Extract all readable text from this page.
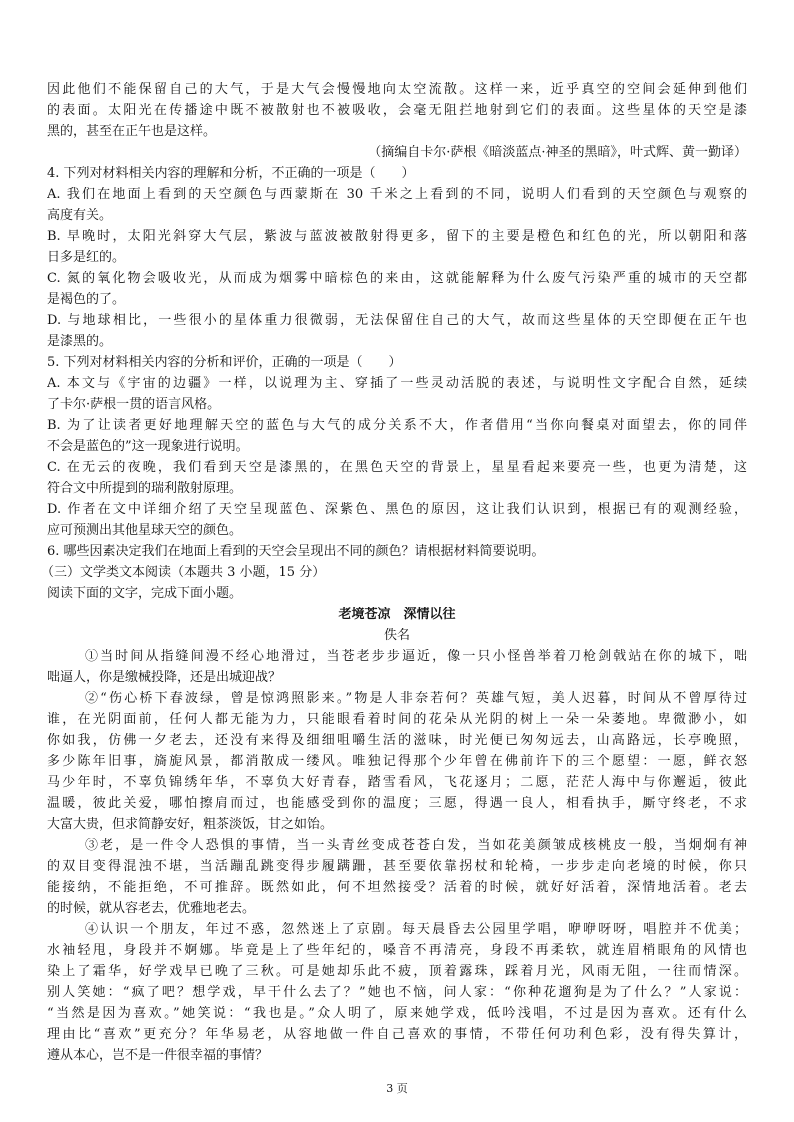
因此他们不能保留自己的大气，于是大气会慢慢地向太空流散。这样一来，近乎真空的空间会延伸到他们
的表面。太阳光在传播途中既不被散射也不被吸收，会毫无阻拦地射到它们的表面。这些星体的天空是漆
黑的，甚至在正午也是这样。
（摘编自卡尔·萨根《暗淡蓝点·神圣的黑暗》，叶式辉、黄一勤译）
4. 下列对材料相关内容的理解和分析，不正确的一项是（　　）
A. 我们在地面上看到的天空颜色与西蒙斯在 30 千米之上看到的不同，说明人们看到的天空颜色与观察的
高度有关。
B. 早晚时，太阳光斜穿大气层，紫波与蓝波被散射得更多，留下的主要是橙色和红色的光，所以朝阳和落
日多是红的。
C. 氮的氧化物会吸收光，从而成为烟雾中暗棕色的来由，这就能解释为什么废气污染严重的城市的天空都
是褐色的了。
D. 与地球相比，一些很小的星体重力很微弱，无法保留住自己的大气，故而这些星体的天空即便在正午也
是漆黑的。
5. 下列对材料相关内容的分析和评价，正确的一项是（　　）
A. 本文与《宇宙的边疆》一样，以说理为主、穿插了一些灵动活脱的表述，与说明性文字配合自然，延续
了卡尔·萨根一贯的语言风格。
B. 为了让读者更好地理解天空的蓝色与大气的成分关系不大，作者借用“当你向餐桌对面望去，你的同伴
不会是蓝色的”这一现象进行说明。
C. 在无云的夜晚，我们看到天空是漆黑的，在黑色天空的背景上，星星看起来要亮一些，也更为清楚，这
符合文中所提到的瑞利散射原理。
D. 作者在文中详细介绍了天空呈现蓝色、深紫色、黑色的原因，这让我们认识到，根据已有的观测经验，
应可预测出其他星球天空的颜色。
6. 哪些因素决定我们在地面上看到的天空会呈现出不同的颜色？请根据材料简要说明。
（三）文学类文本阅读（本题共 3 小题，15 分）
阅读下面的文字，完成下面小题。
老境苍凉　深情以往
佚名
①当时间从指缝间漫不经心地滑过，当苍老步步逼近，像一只小怪兽举着刀枪剑戟站在你的城下，咄
咄逼人，你是缴械投降，还是出城迎战？
②“伤心桥下春波绿，曾是惊鸿照影来。”物是人非奈若何？英雄气短，美人迟暮，时间从不曾厚待过
谁，在光阴面前，任何人都无能为力，只能眼看着时间的花朵从光阴的树上一朵一朵萎地。卑微渺小，如
你如我，仿佛一夕老去，还没有来得及细细咀嚼生活的滋味，时光便已匆匆远去，山高路远，长亭晚照，
多少陈年旧事，旖旎风景，都消散成一缕风。唯独记得那个少年曾在佛前许下的三个愿望：一愿，鲜衣怒
马少年时，不辜负锦绣年华，不辜负大好青春，踏雪看风，飞花逐月；二愿，茫茫人海中与你邂逅，彼此
温暖，彼此关爱，哪怕擦肩而过，也能感受到你的温度；三愿，得遇一良人，相看执手，厮守终老，不求
大富大贵，但求简静安好，粗茶淡饭，甘之如饴。
③老，是一件令人恐惧的事情，当一头青丝变成苍苍白发，当如花美颜皱成核桃皮一般，当炯炯有神
的双目变得混浊不堪，当活蹦乱跳变得步履蹒跚，甚至要依靠拐杖和轮椅，一步步走向老境的时候，你只
能接纳，不能拒绝，不可推辞。既然如此，何不坦然接受？活着的时候，就好好活着，深情地活着。老去
的时候，就从容老去，优雅地老去。
④认识一个朋友，年过不惑，忽然迷上了京剧。每天晨昏去公园里学唱，咿咿呀呀，唱腔并不优美；
水袖轻甩，身段并不婀娜。毕竟是上了些年纪的，嗓音不再清亮，身段不再柔软，就连眉梢眼角的风情也
染上了霜华，好学戏早已晚了三秋。可是她却乐此不疲，顶着露珠，踩着月光，风雨无阻，一往而情深。
别人笑她：“疯了吧？想学戏，早干什么去了？”她也不恼，问人家：“你种花遛狗是为了什么？”人家说：
“当然是因为喜欢。”她笑说：“我也是。”众人明了，原来她学戏，低吟浅唱，不过是因为喜欢。还有什么
理由比“喜欢”更充分？年华易老，从容地做一件自己喜欢的事情，不带任何功利色彩，没有得失算计，
遵从本心，岂不是一件很幸福的事情？
3 页
